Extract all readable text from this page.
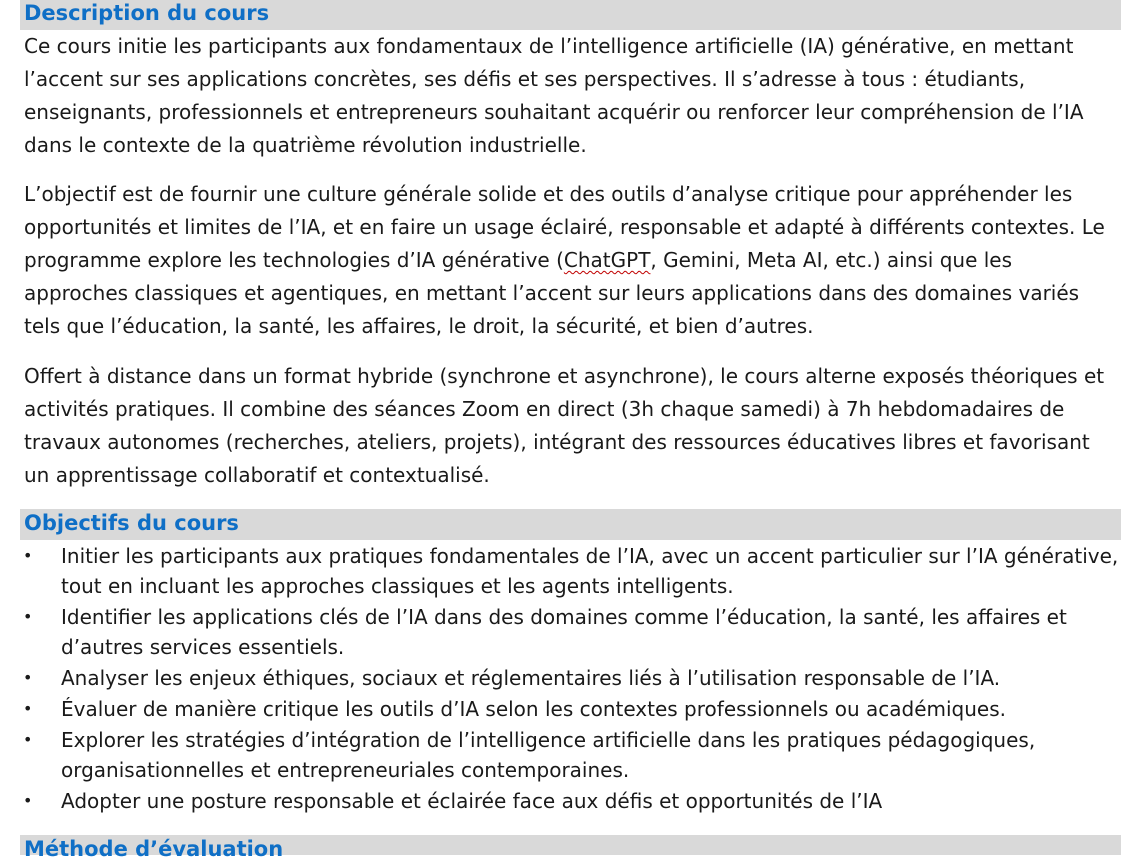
Description du cours

Ce cours initie les participants aux fondamentaux de l’intelligence artificielle (IA) générative, en mettant l’accent sur ses applications concrètes, ses défis et ses perspectives. Il s’adresse à tous : étudiants, enseignants, professionnels et entrepreneurs souhaitant acquérir ou renforcer leur compréhension de l’IA dans le contexte de la quatrième révolution industrielle.

L’objectif est de fournir une culture générale solide et des outils d’analyse critique pour appréhender les opportunités et limites de l’IA, et en faire un usage éclairé, responsable et adapté à différents contextes. Le programme explore les technologies d’IA générative (ChatGPT, Gemini, Meta AI, etc.) ainsi que les approches classiques et agentiques, en mettant l’accent sur leurs applications dans des domaines variés tels que l’éducation, la santé, les affaires, le droit, la sécurité, et bien d’autres.

Offert à distance dans un format hybride (synchrone et asynchrone), le cours alterne exposés théoriques et activités pratiques. Il combine des séances Zoom en direct (3h chaque samedi) à 7h hebdomadaires de travaux autonomes (recherches, ateliers, projets), intégrant des ressources éducatives libres et favorisant un apprentissage collaboratif et contextualisé.

Objectifs du cours
• Initier les participants aux pratiques fondamentales de l’IA, avec un accent particulier sur l’IA générative, tout en incluant les approches classiques et les agents intelligents.
• Identifier les applications clés de l’IA dans des domaines comme l’éducation, la santé, les affaires et d’autres services essentiels.
• Analyser les enjeux éthiques, sociaux et réglementaires liés à l’utilisation responsable de l’IA.
• Évaluer de manière critique les outils d’IA selon les contextes professionnels ou académiques.
• Explorer les stratégies d’intégration de l’intelligence artificielle dans les pratiques pédagogiques, organisationnelles et entrepreneuriales contemporaines.
• Adopter une posture responsable et éclairée face aux défis et opportunités de l’IA
Méthode d’évaluation
